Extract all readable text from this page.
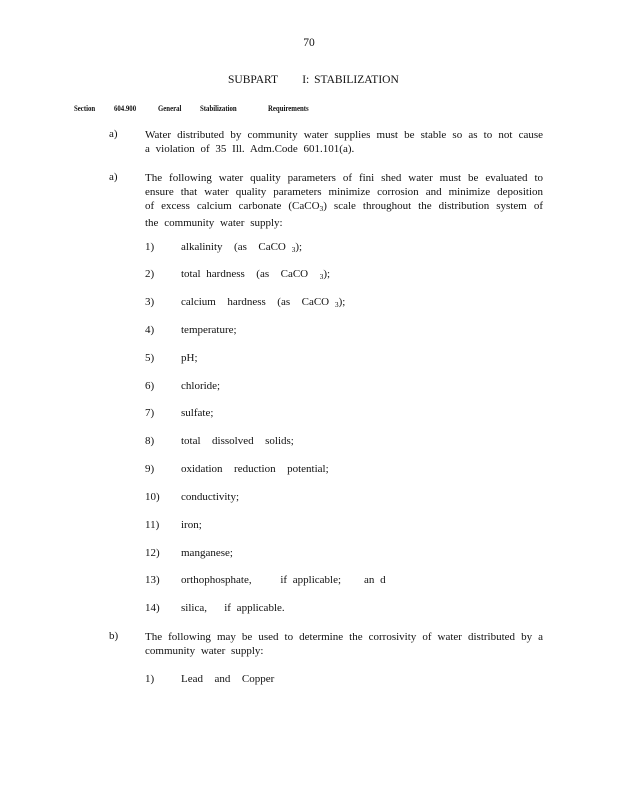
70
SUBPART     I: STABILIZATION
Section 604.900	General Stabilization	Requirements
a) Water distributed by community water supplies must be stable so as to not cause a violation of 35 Ill. Adm.Code 601.101(a).
a) The following water quality parameters of fini shed water must be evaluated to ensure that water quality parameters minimize corrosion and minimize deposition of excess calcium carbonate (CaCO$_3$) scale throughout the distribution system of the community water supply:
1) alkalinity  (as  CaCO $_3$);
2) total hardness  (as  CaCO $_3$);
3) calcium  hardness  (as  CaCO $_3$);
4) temperature;
5) pH;
6) chloride;
7) sulfate;
8) total  dissolved  solids;
9) oxidation  reduction  potential;
10) conductivity;
11) iron;
12) manganese;
13) orthophosphate,     if applicable;    an d
14) silica,   if applicable.
b) The following may be used to determine the corrosivity of water distributed by a community water supply:
1) Lead  and  Copper
